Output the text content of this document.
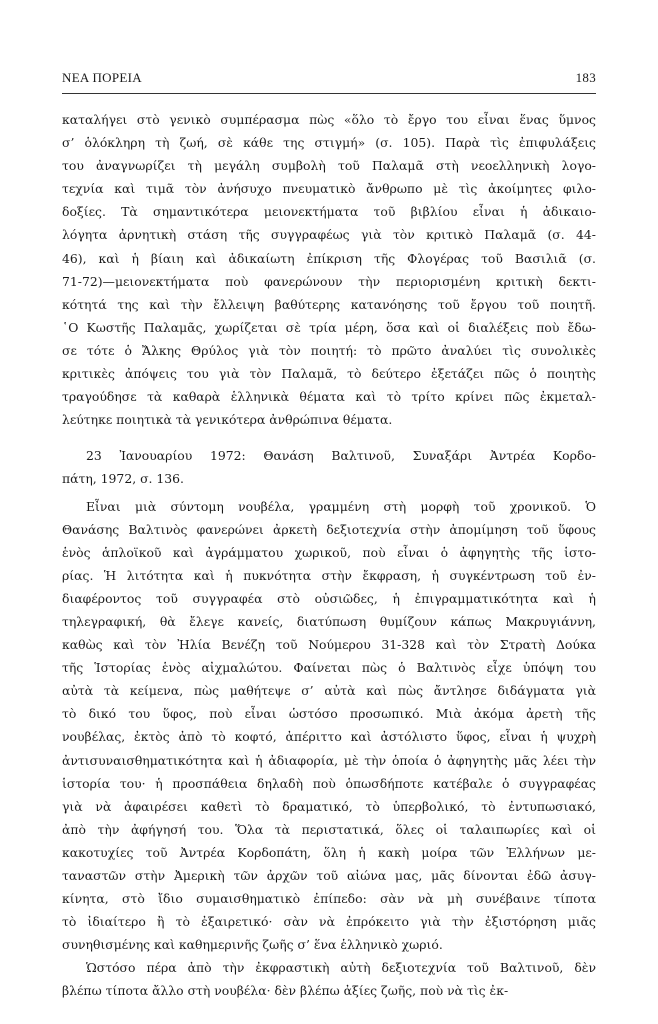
ΝΕΑ ΠΟΡΕΙΑ	183
καταλήγει στὸ γενικὸ συμπέρασμα πὼς «ὅλο τὸ ἔργο του εἶναι ἕνας ὕμνος
σ’ ὁλόκληρη τὴ ζωή, σὲ κάθε της στιγμή» (σ. 105). Παρὰ τὶς ἐπιφυλάξεις
του ἀναγνωρίζει τὴ μεγάλη συμβολὴ τοῦ Παλαμᾶ στὴ νεοελληνικὴ λογο-
τεχνία καὶ τιμᾶ τὸν ἀνήσυχο πνευματικὸ ἄνθρωπο μὲ τὶς ἀκοίμητες φιλο-
δοξίες. Τὰ σημαντικότερα μειονεκτήματα τοῦ βιβλίου εἶναι ἡ ἀδικαιο-
λόγητα ἀρνητικὴ στάση τῆς συγγραφέως γιὰ τὸν κριτικὸ Παλαμᾶ (σ. 44-
46), καὶ ἡ βίαιη καὶ ἀδικαίωτη ἐπίκριση τῆς Φλογέρας τοῦ Βασιλιᾶ (σ.
71-72)—μειονεκτήματα ποὺ φανερώνουν τὴν περιορισμένη κριτικὴ δεκτι-
κότητά της καὶ τὴν ἔλλειψη βαθύτερης κατανόησης τοῦ ἔργου τοῦ ποιητῆ.
῾Ο Κωστῆς Παλαμᾶς, χωρίζεται σὲ τρία μέρη, ὅσα καὶ οἱ διαλέξεις ποὺ ἔδω-
σε τότε ὁ Ἄλκης Θρύλος γιὰ τὸν ποιητή: τὸ πρῶτο ἀναλύει τὶς συνολικὲς
κριτικὲς ἀπόψεις του γιὰ τὸν Παλαμᾶ, τὸ δεύτερο ἐξετάζει πῶς ὁ ποιητὴς
τραγούδησε τὰ καθαρὰ ἑλληνικὰ θέματα καὶ τὸ τρίτο κρίνει πῶς ἐκμεταλ-
λεύτηκε ποιητικὰ τὰ γενικότερα ἀνθρώπινα θέματα.
23 Ἰανουαρίου 1972: Θανάση Βαλτινοῦ, Συναξάρι Ἀντρέα Κορδο-
πάτη, 1972, σ. 136.
Εἶναι μιὰ σύντομη νουβέλα, γραμμένη στὴ μορφὴ τοῦ χρονικοῦ. Ὁ
Θανάσης Βαλτινὸς φανερώνει ἀρκετὴ δεξιοτεχνία στὴν ἀπομίμηση τοῦ ὕφους
ἑνὸς ἁπλοϊκοῦ καὶ ἀγράμματου χωρικοῦ, ποὺ εἶναι ὁ ἀφηγητὴς τῆς ἱστο-
ρίας. Ἡ λιτότητα καὶ ἡ πυκνότητα στὴν ἔκφραση, ἡ συγκέντρωση τοῦ ἐν-
διαφέροντος τοῦ συγγραφέα στὸ οὐσιῶδες, ἡ ἐπιγραμματικότητα καὶ ἡ
τηλεγραφική, θὰ ἔλεγε κανείς, διατύπωση θυμίζουν κάπως Μακρυγιάννη,
καθὼς καὶ τὸν Ἠλία Βενέζη τοῦ Νούμερου 31-328 καὶ τὸν Στρατὴ Δούκα
τῆς Ἱστορίας ἑνὸς αἰχμαλώτου. Φαίνεται πὼς ὁ Βαλτινὸς εἶχε ὑπόψη του
αὐτὰ τὰ κείμενα, πὼς μαθήτεψε σ’ αὐτὰ καὶ πὼς ἄντλησε διδάγματα γιὰ
τὸ δικό του ὕφος, ποὺ εἶναι ὡστόσο προσωπικό. Μιὰ ἀκόμα ἀρετὴ τῆς
νουβέλας, ἐκτὸς ἀπὸ τὸ κοφτό, ἀπέριττο καὶ ἀστόλιστο ὕφος, εἶναι ἡ ψυχρὴ
ἀντισυναισθηματικότητα καὶ ἡ ἀδιαφορία, μὲ τὴν ὁποία ὁ ἀφηγητὴς μᾶς λέει τὴν
ἱστορία του· ἡ προσπάθεια δηλαδὴ ποὺ ὁπωσδήποτε κατέβαλε ὁ συγγραφέας
γιὰ νὰ ἀφαιρέσει καθετὶ τὸ δραματικό, τὸ ὑπερβολικό, τὸ ἐντυπωσιακό,
ἀπὸ τὴν ἀφήγησή του. Ὅλα τὰ περιστατικά, ὅλες οἱ ταλαιπωρίες καὶ οἱ
κακοτυχίες τοῦ Ἀντρέα Κορδοπάτη, ὅλη ἡ κακὴ μοίρα τῶν Ἑλλήνων με-
ταναστῶν στὴν Ἀμερικὴ τῶν ἀρχῶν τοῦ αἰώνα μας, μᾶς δίνονται ἐδῶ ἀσυγ-
κίνητα, στὸ ἴδιο συμαισθηματικὸ ἐπίπεδο: σὰν νὰ μὴ συνέβαινε τίποτα
τὸ ἰδιαίτερο ἢ τὸ ἐξαιρετικό· σὰν νὰ ἐπρόκειτο γιὰ τὴν ἐξιστόρηση μιᾶς
συνηθισμένης καὶ καθημερινῆς ζωῆς σ’ ἕνα ἑλληνικὸ χωριό.
Ὡστόσο πέρα ἀπὸ τὴν ἐκφραστικὴ αὐτὴ δεξιοτεχνία τοῦ Βαλτινοῦ, δὲν
βλέπω τίποτα ἄλλο στὴ νουβέλα· δὲν βλέπω ἀξίες ζωῆς, ποὺ νὰ τὶς ἐκ-
